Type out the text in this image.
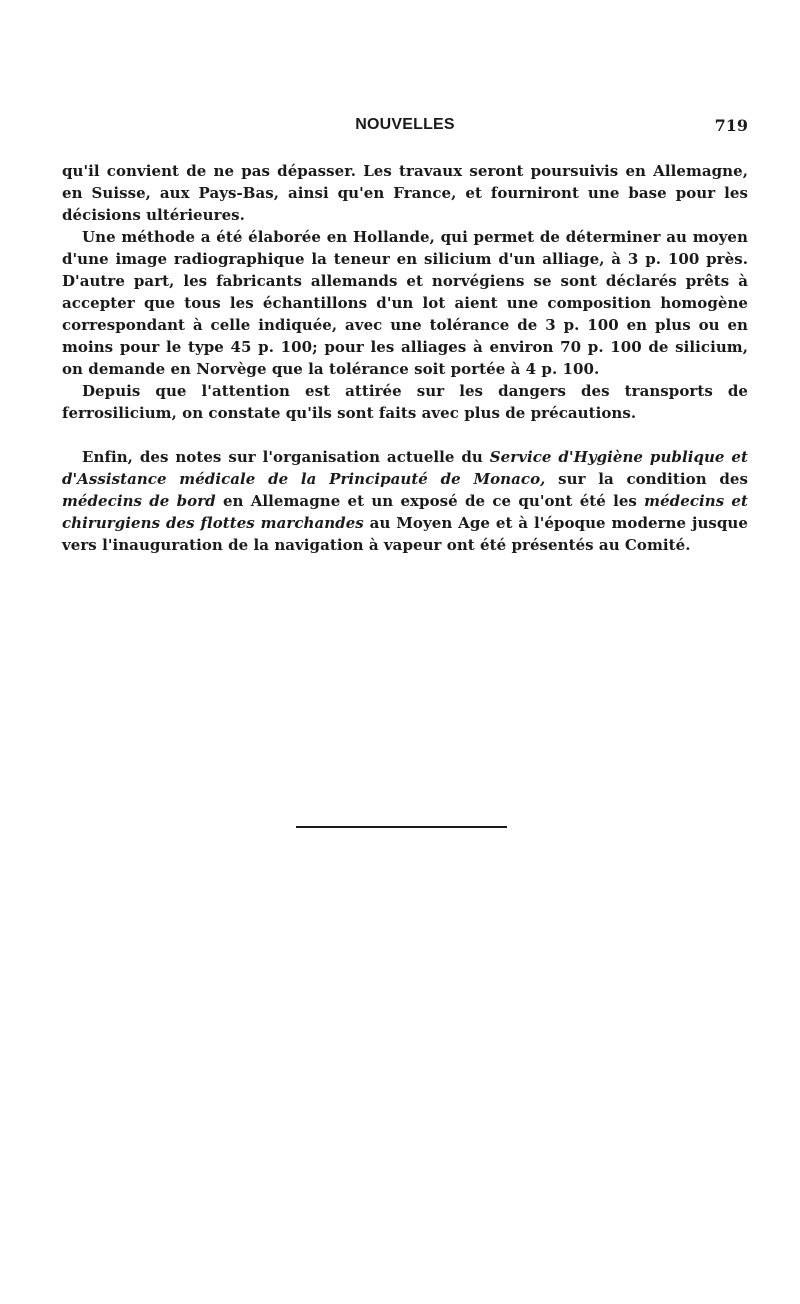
NOUVELLES	719

qu'il convient de ne pas dépasser. Les travaux seront poursuivis en Allemagne, en Suisse, aux Pays-Bas, ainsi qu'en France, et fourniront une base pour les décisions ultérieures.

Une méthode a été élaborée en Hollande, qui permet de déterminer au moyen d'une image radiographique la teneur en silicium d'un alliage, à 3 p. 100 près. D'autre part, les fabricants allemands et norvégiens se sont déclarés prêts à accepter que tous les échantillons d'un lot aient une composition homogène correspondant à celle indiquée, avec une tolérance de 3 p. 100 en plus ou en moins pour le type 45 p. 100; pour les alliages à environ 70 p. 100 de silicium, on demande en Norvège que la tolérance soit portée à 4 p. 100.

Depuis que l'attention est attirée sur les dangers des transports de ferrosilicium, on constate qu'ils sont faits avec plus de précautions.

Enfin, des notes sur l'organisation actuelle du Service d'Hygiène publique et d'Assistance médicale de la Principauté de Monaco, sur la condition des médecins de bord en Allemagne et un exposé de ce qu'ont été les médecins et chirurgiens des flottes marchandes au Moyen Age et à l'époque moderne jusque vers l'inauguration de la navigation à vapeur ont été présentés au Comité.
